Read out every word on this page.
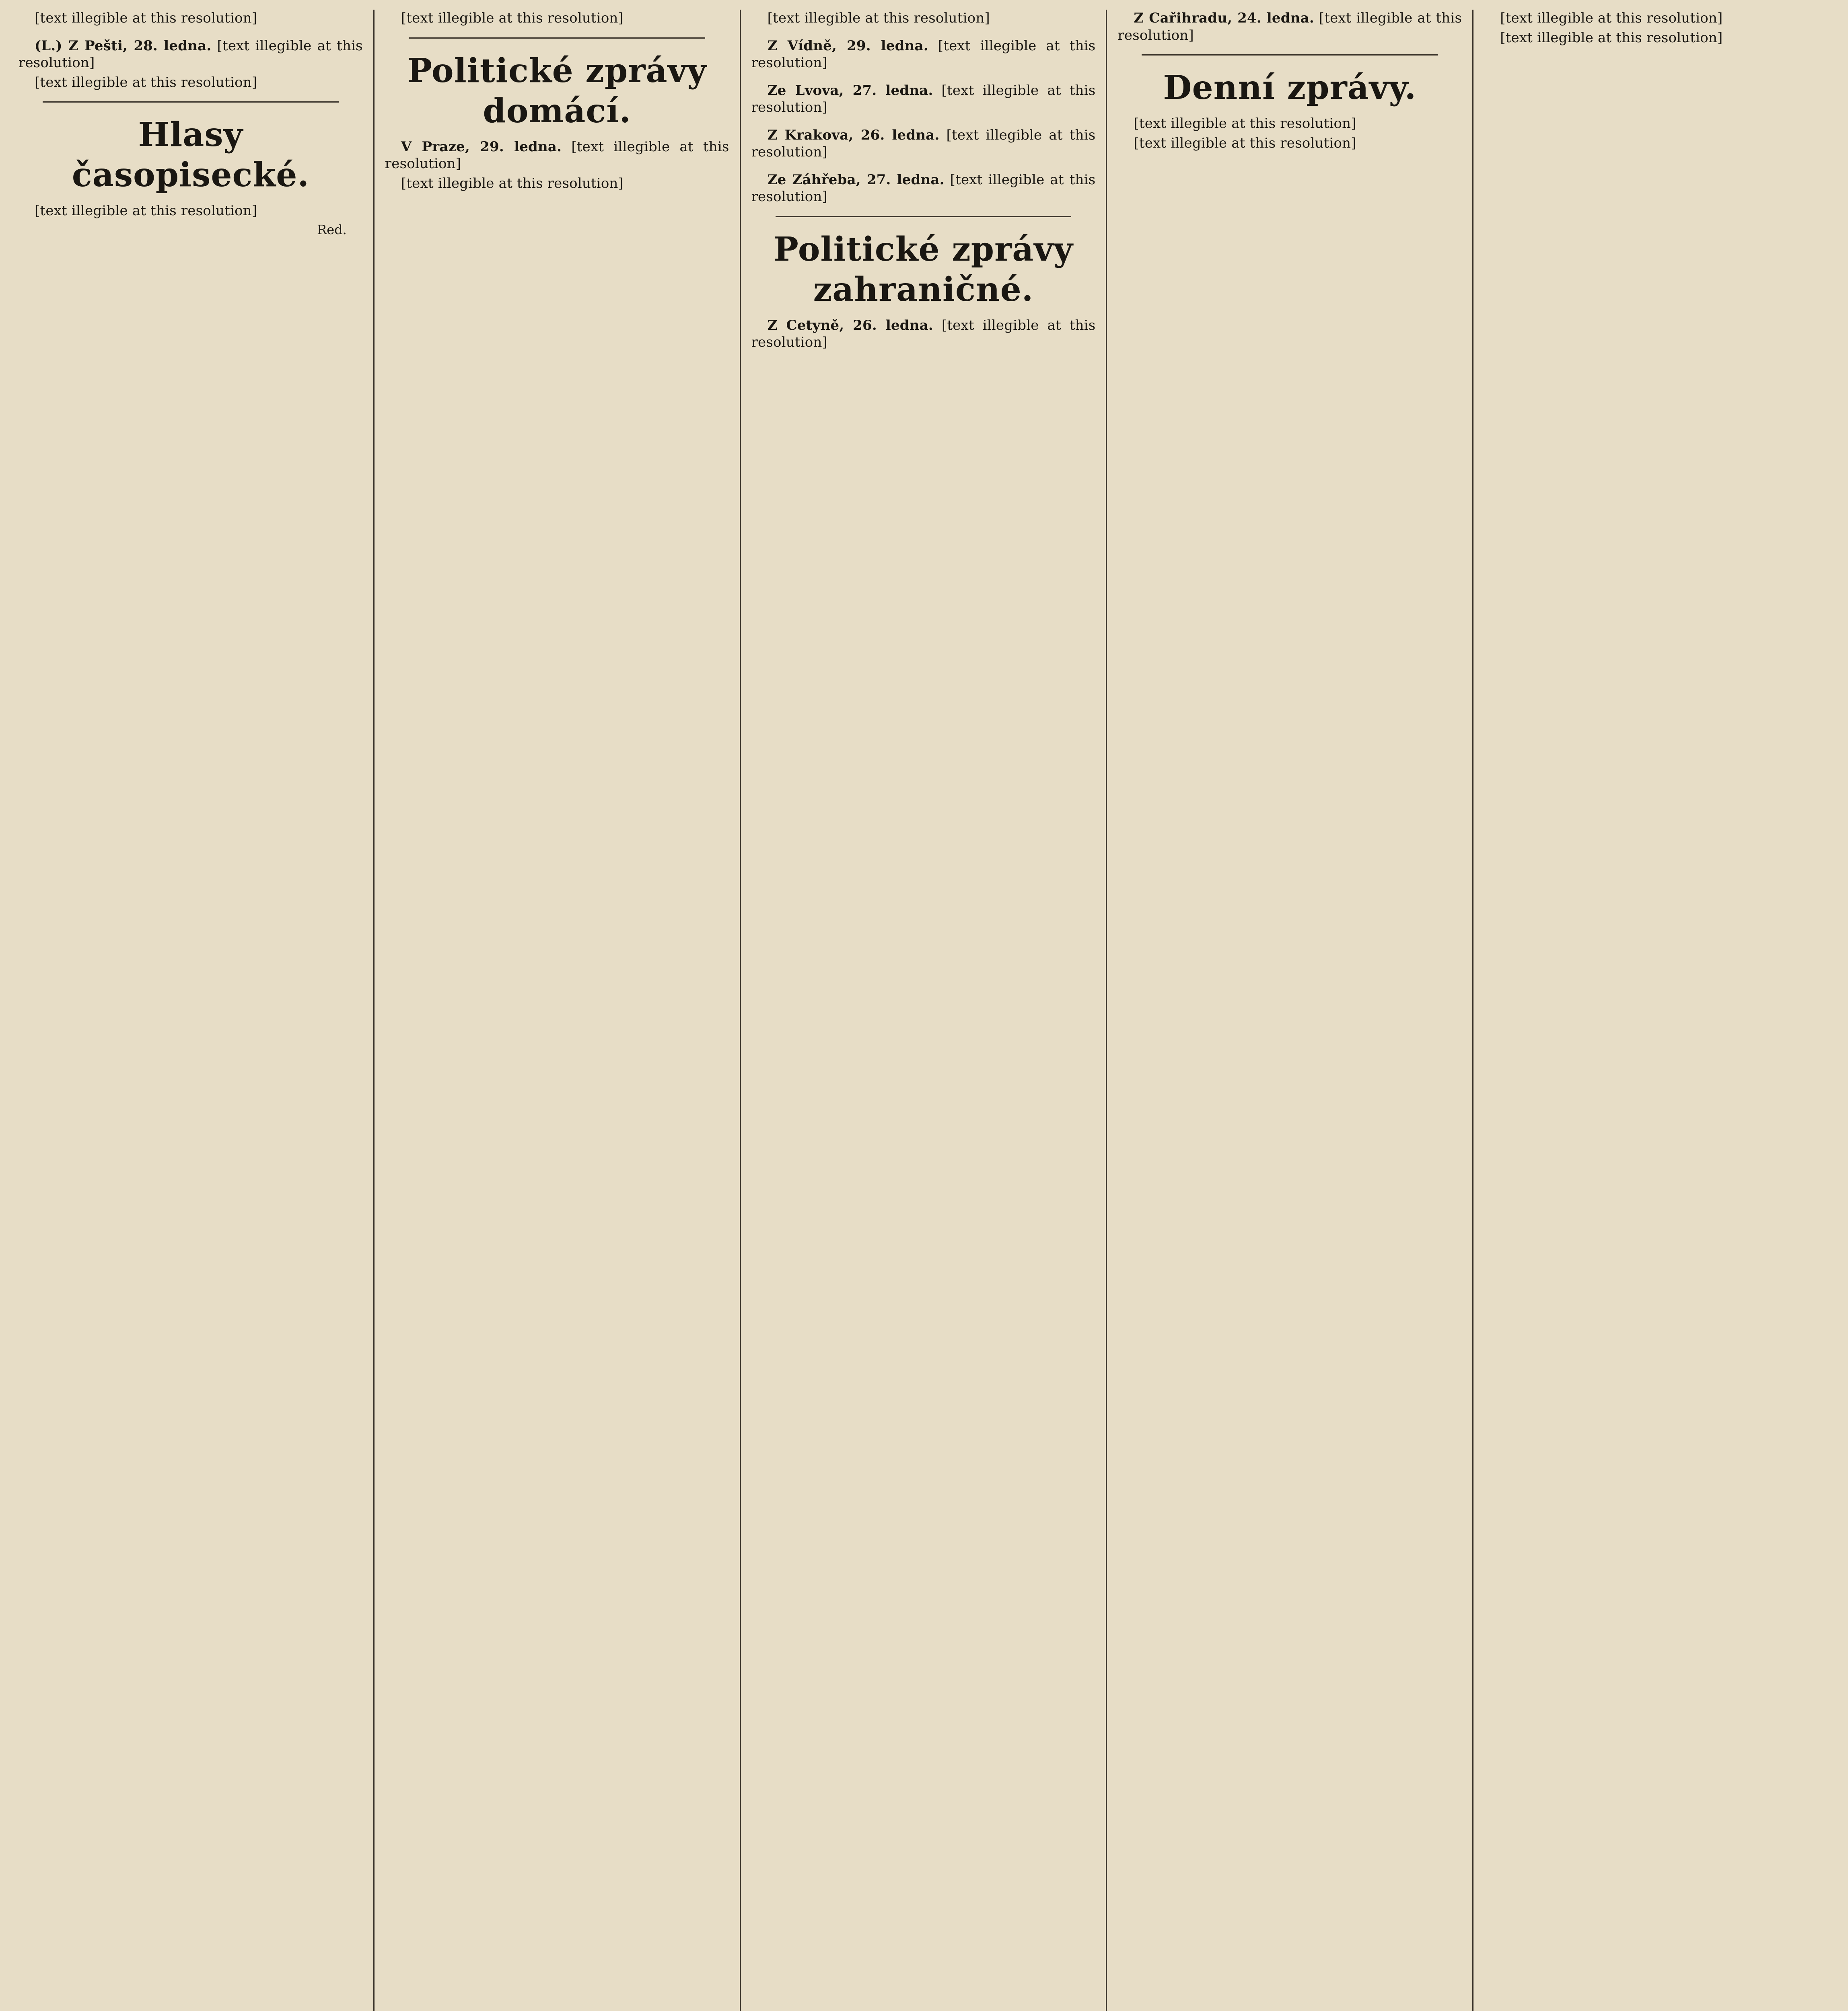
[text illegible at this resolution]

(L.) Z Pešti, 28. ledna. [text illegible at this resolution]

[text illegible at this resolution]

Hlasy časopisecké.

[text illegible at this resolution]

Red.

[text illegible at this resolution]

Politické zprávy domácí.

V Praze, 29. ledna. [text illegible at this resolution]

[text illegible at this resolution]

[text illegible at this resolution]

Z Vídně, 29. ledna. [text illegible at this resolution]

Ze Lvova, 27. ledna. [text illegible at this resolution]

Z Krakova, 26. ledna. [text illegible at this resolution]

Ze Záhřeba, 27. ledna. [text illegible at this resolution]

Politické zprávy zahraničné.

Z Cetyně, 26. ledna. [text illegible at this resolution]

Z Cařihradu, 24. ledna. [text illegible at this resolution]

Denní zprávy.

[text illegible at this resolution]

[text illegible at this resolution]

[text illegible at this resolution]

[text illegible at this resolution]
